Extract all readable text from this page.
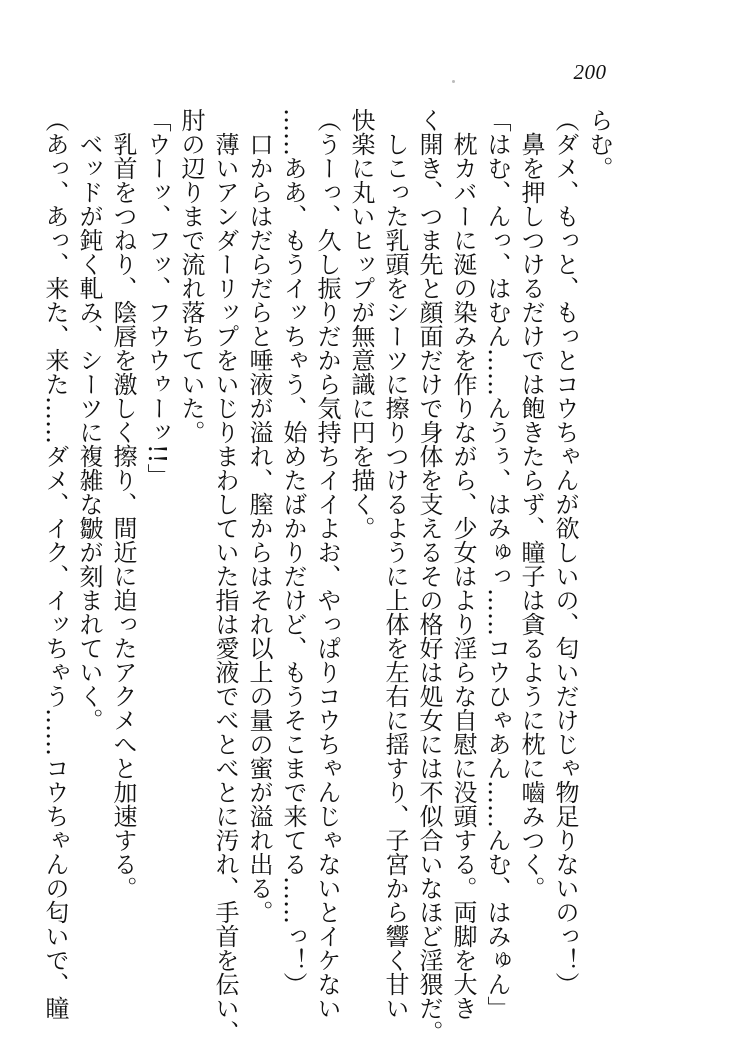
200

らむ。

（ダメ、もっと、もっとコウちゃんが欲しいの、匂いだけじゃ物足りないのっ！）

鼻を押しつけるだけでは飽きたらず、瞳子は貪るように枕に嚙みつく。

「はむ、んっ、はむん……んうぅ、はみゅっ……コウひゃあん……んむ、はみゅん」

枕カバーに涎の染みを作りながら、少女はより淫らな自慰に没頭する。両脚を大き

く開き、つま先と顔面だけで身体を支えるその格好は処女には不似合いなほど淫猥だ。

しこった乳頭をシーツに擦りつけるように上体を左右に揺すり、子宮から響く甘い

快楽に丸いヒップが無意識に円を描く。

（うーっ、久し振りだから気持ちイイよお、やっぱりコウちゃんじゃないとイケない

……ああ、もうイッちゃう、始めたばかりだけど、もうそこまで来てる……っ！）

口からはだらだらと唾液が溢れ、膣からはそれ以上の量の蜜が溢れ出る。

薄いアンダーリップをいじりまわしていた指は愛液でべとべとに汚れ、手首を伝い、

肘の辺りまで流れ落ちていた。

「ウーッ、フッ、フウウゥーッ!!」

乳首をつねり、陰唇を激しく擦り、間近に迫ったアクメへと加速する。

ベッドが鈍く軋み、シーツに複雑な皺が刻まれていく。

（あっ、あっ、来た、来た……ダメ、イク、イッちゃう……コウちゃんの匂いで、瞳
